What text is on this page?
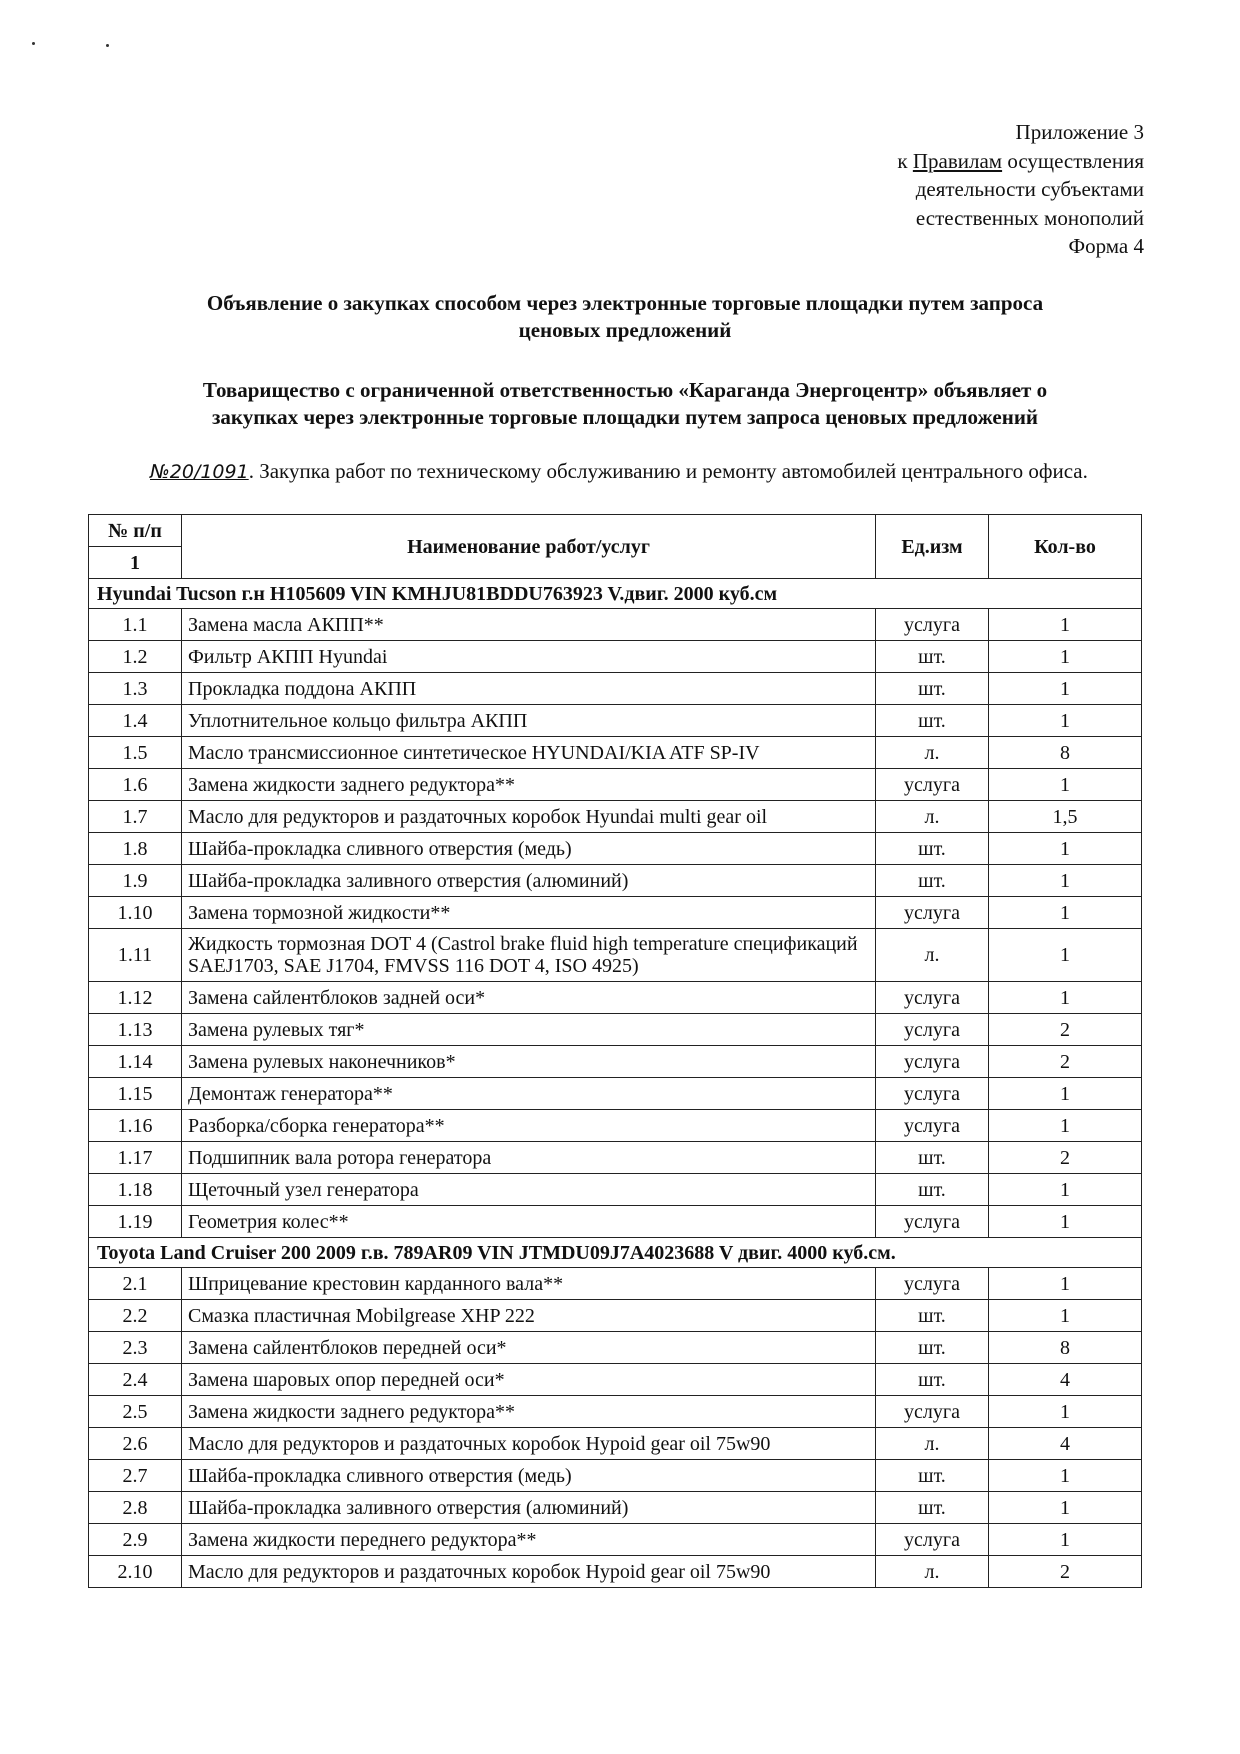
Приложение 3
к Правилам осуществления
деятельности субъектами
естественных монополий
Форма 4
Объявление о закупках способом через электронные торговые площадки путем запроса
ценовых предложений
Товарищество с ограниченной ответственностью «Караганда Энергоцентр» объявляет о
закупках через электронные торговые площадки путем запроса ценовых предложений
№20/1091. Закупка работ по техническому обслуживанию и ремонту автомобилей центрального офиса.
№ п/п	Наименование работ/услуг	Ед.изм	Кол-во
1			
Hyundai Tucson г.н H105609 VIN KMHJU81BDDU763923 V.двиг. 2000 куб.см			
1.1	Замена масла АКПП**	услуга	1
1.2	Фильтр АКПП Hyundai	шт.	1
1.3	Прокладка поддона АКПП	шт.	1
1.4	Уплотнительное кольцо фильтра АКПП	шт.	1
1.5	Масло трансмиссионное синтетическое HYUNDAI/KIA ATF SP-IV	л.	8
1.6	Замена жидкости заднего редуктора**	услуга	1
1.7	Масло для редукторов и раздаточных коробок Hyundai multi gear oil	л.	1,5
1.8	Шайба-прокладка сливного отверстия (медь)	шт.	1
1.9	Шайба-прокладка заливного отверстия (алюминий)	шт.	1
1.10	Замена тормозной жидкости**	услуга	1
1.11	Жидкость тормозная DOT 4 (Castrol brake fluid high temperature спецификаций SAEJ1703, SAE J1704, FMVSS 116 DOT 4, ISO 4925)	л.	1
1.12	Замена сайлентблоков задней оси*	услуга	1
1.13	Замена рулевых тяг*	услуга	2
1.14	Замена рулевых наконечников*	услуга	2
1.15	Демонтаж генератора**	услуга	1
1.16	Разборка/сборка генератора**	услуга	1
1.17	Подшипник вала ротора генератора	шт.	2
1.18	Щеточный узел генератора	шт.	1
1.19	Геометрия колес**	услуга	1
Toyota Land Cruiser 200 2009 г.в. 789AR09 VIN JTMDU09J7A4023688 V двиг. 4000 куб.см.			
2.1	Шприцевание крестовин карданного вала**	услуга	1
2.2	Смазка пластичная Mobilgrease XHP 222	шт.	1
2.3	Замена сайлентблоков передней оси*	шт.	8
2.4	Замена шаровых опор передней оси*	шт.	4
2.5	Замена жидкости заднего редуктора**	услуга	1
2.6	Масло для редукторов и раздаточных коробок Hypoid gear oil 75w90	л.	4
2.7	Шайба-прокладка сливного отверстия (медь)	шт.	1
2.8	Шайба-прокладка заливного отверстия (алюминий)	шт.	1
2.9	Замена жидкости переднего редуктора**	услуга	1
2.10	Масло для редукторов и раздаточных коробок Hypoid gear oil 75w90	л.	2
